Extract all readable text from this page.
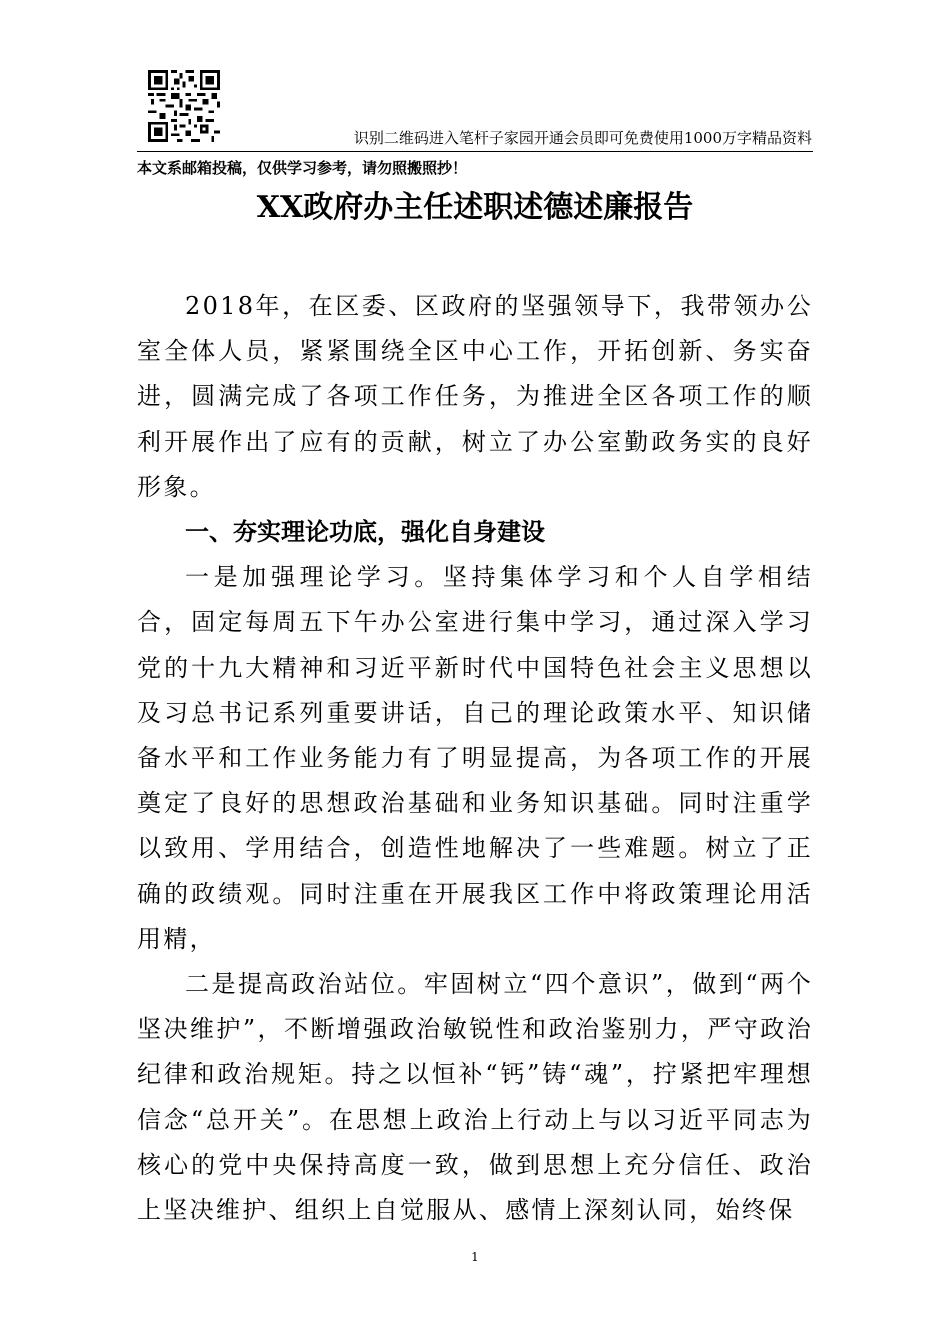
识别二维码进入笔杆子家园开通会员即可免费使用1000万字精品资料
本文系邮箱投稿，仅供学习参考，请勿照搬照抄！
XX政府办主任述职述德述廉报告

2018年，在区委、区政府的坚强领导下，我带领办公室全体人员，紧紧围绕全区中心工作，开拓创新、务实奋进，圆满完成了各项工作任务，为推进全区各项工作的顺利开展作出了应有的贡献，树立了办公室勤政务实的良好形象。

一、夯实理论功底，强化自身建设

一是加强理论学习。坚持集体学习和个人自学相结合，固定每周五下午办公室进行集中学习，通过深入学习党的十九大精神和习近平新时代中国特色社会主义思想以及习总书记系列重要讲话，自己的理论政策水平、知识储备水平和工作业务能力有了明显提高，为各项工作的开展奠定了良好的思想政治基础和业务知识基础。同时注重学以致用、学用结合，创造性地解决了一些难题。树立了正确的政绩观。同时注重在开展我区工作中将政策理论用活用精，

二是提高政治站位。牢固树立“四个意识”，做到“两个坚决维护”，不断增强政治敏锐性和政治鉴别力，严守政治纪律和政治规矩。持之以恒补“钙”铸“魂”，拧紧把牢理想信念“总开关”。在思想上政治上行动上与以习近平同志为核心的党中央保持高度一致，做到思想上充分信任、政治上坚决维护、组织上自觉服从、感情上深刻认同，始终保

1
